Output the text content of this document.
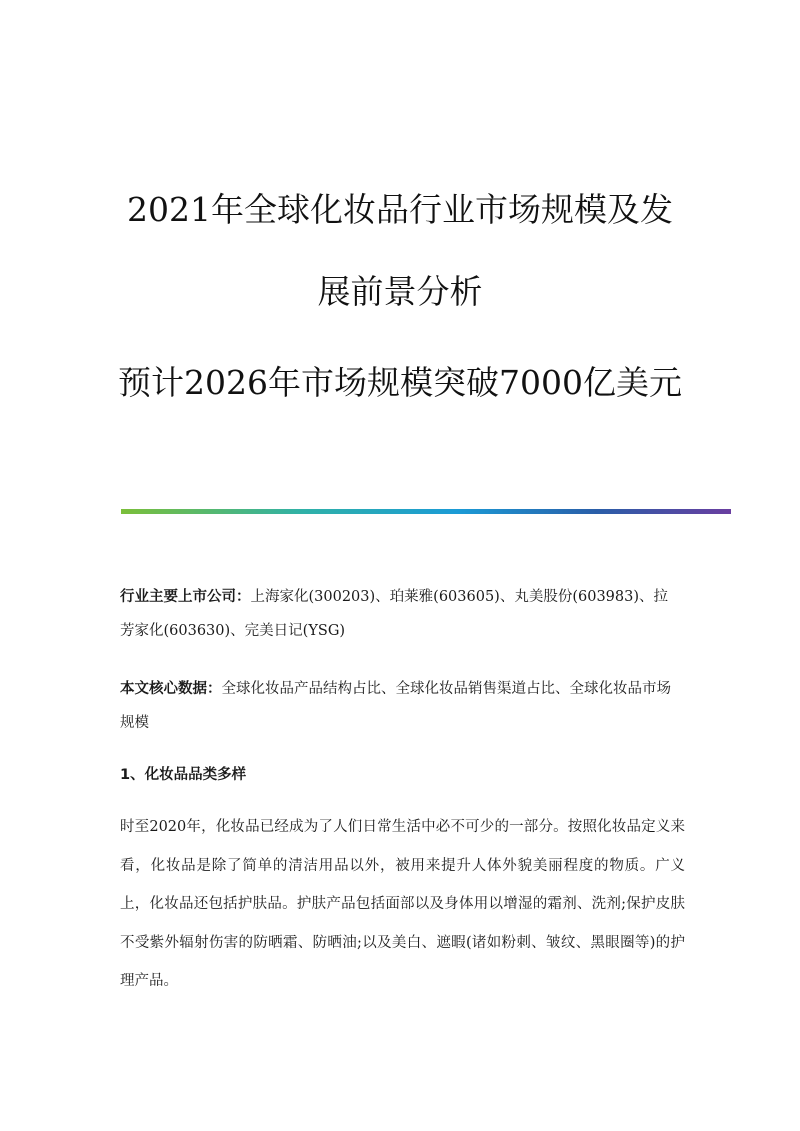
2021年全球化妆品行业市场规模及发
展前景分析
预计2026年市场规模突破7000亿美元
行业主要上市公司：上海家化(300203)、珀莱雅(603605)、丸美股份(603983)、拉芳家化(603630)、完美日记(YSG)
本文核心数据：全球化妆品产品结构占比、全球化妆品销售渠道占比、全球化妆品市场规模
1、化妆品品类多样
时至2020年，化妆品已经成为了人们日常生活中必不可少的一部分。按照化妆品定义来看，化妆品是除了简单的清洁用品以外，被用来提升人体外貌美丽程度的物质。广义上，化妆品还包括护肤品。护肤产品包括面部以及身体用以增湿的霜剂、洗剂;保护皮肤不受紫外辐射伤害的防晒霜、防晒油;以及美白、遮暇(诸如粉刺、皱纹、黑眼圈等)的护理产品。
